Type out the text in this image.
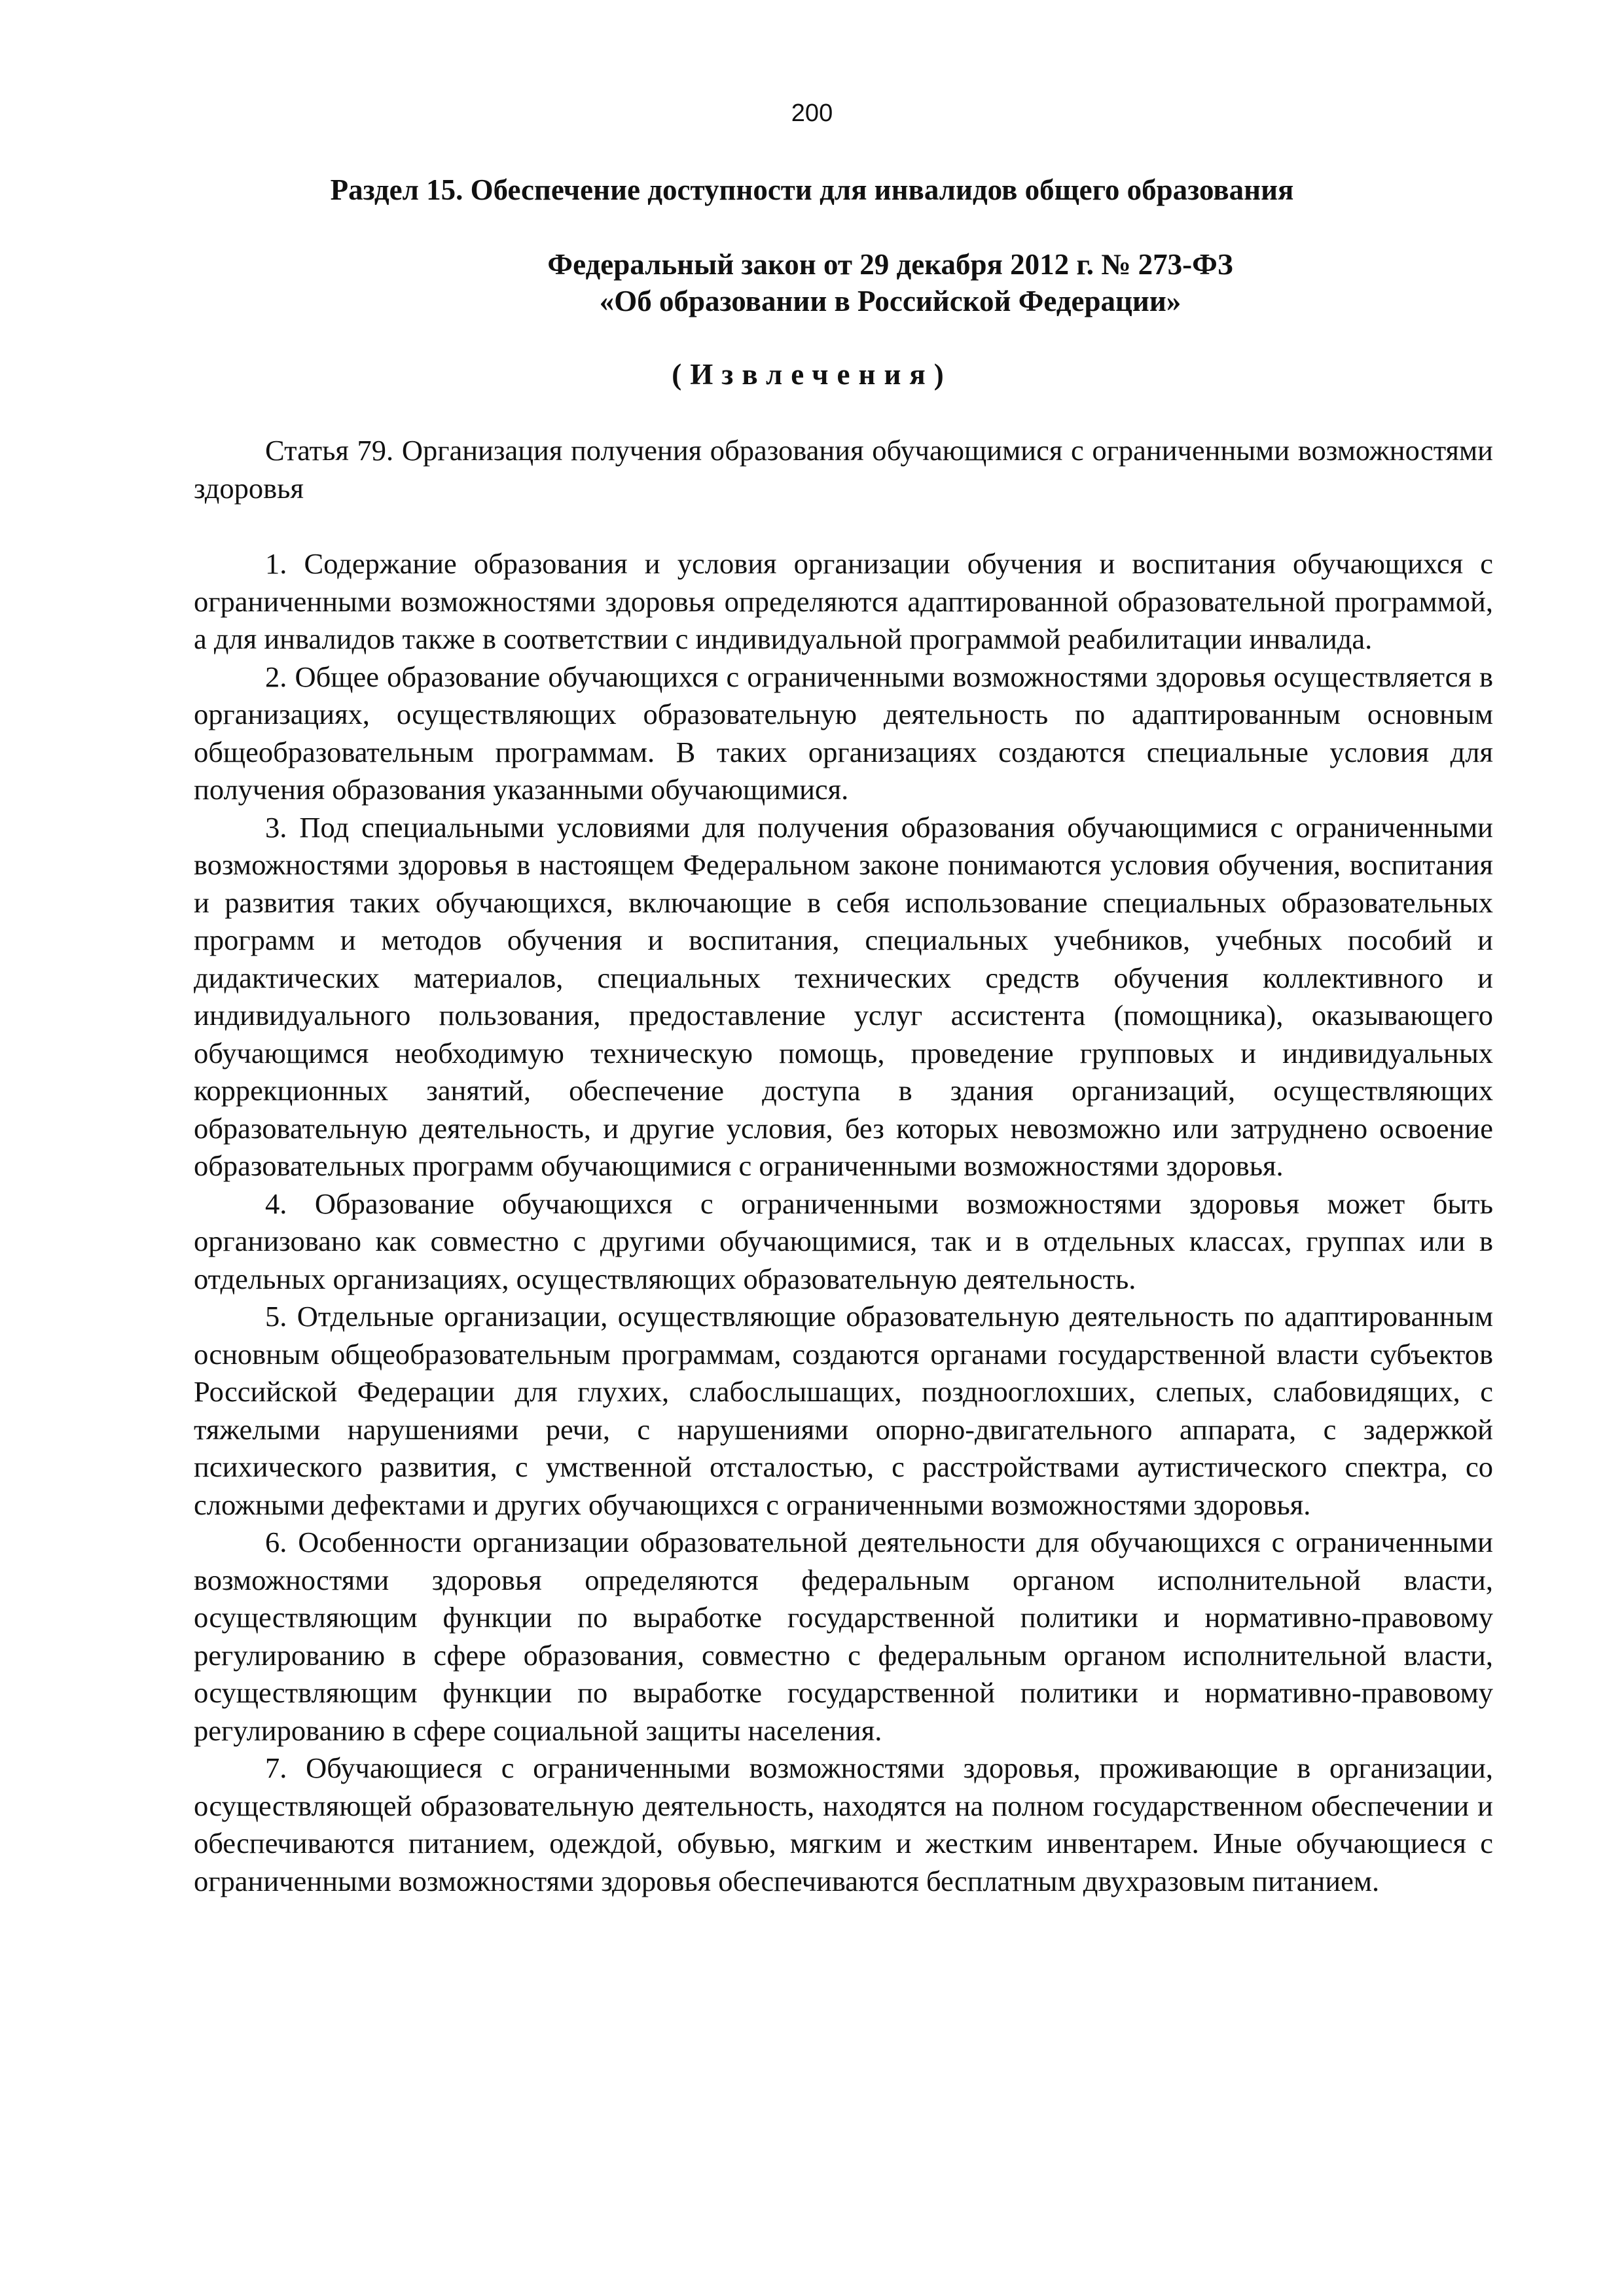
200
Раздел 15. Обеспечение доступности для инвалидов общего образования
Федеральный закон от 29 декабря 2012 г. № 273-ФЗ
«Об образовании в Российской Федерации»
(Извлечения)

Статья 79. Организация получения образования обучающимися с ограниченными возможностями здоровья

1. Содержание образования и условия организации обучения и воспитания обучающихся с ограниченными возможностями здоровья определяются адаптированной образовательной программой, а для инвалидов также в соответствии с индивидуальной программой реабилитации инвалида.

2. Общее образование обучающихся с ограниченными возможностями здоровья осуществляется в организациях, осуществляющих образовательную деятельность по адаптированным основным общеобразовательным программам. В таких организациях создаются специальные условия для получения образования указанными обучающимися.

3. Под специальными условиями для получения образования обучающимися с ограниченными возможностями здоровья в настоящем Федеральном законе понимаются условия обучения, воспитания и развития таких обучающихся, включающие в себя использование специальных образовательных программ и методов обучения и воспитания, специальных учебников, учебных пособий и дидактических материалов, специальных технических средств обучения коллективного и индивидуального пользования, предоставление услуг ассистента (помощника), оказывающего обучающимся необходимую техническую помощь, проведение групповых и индивидуальных коррекционных занятий, обеспечение доступа в здания организаций, осуществляющих образовательную деятельность, и другие условия, без которых невозможно или затруднено освоение образовательных программ обучающимися с ограниченными возможностями здоровья.

4. Образование обучающихся с ограниченными возможностями здоровья может быть организовано как совместно с другими обучающимися, так и в отдельных классах, группах или в отдельных организациях, осуществляющих образовательную деятельность.

5. Отдельные организации, осуществляющие образовательную деятельность по адаптированным основным общеобразовательным программам, создаются органами государственной власти субъектов Российской Федерации для глухих, слабослышащих, позднооглохших, слепых, слабовидящих, с тяжелыми нарушениями речи, с нарушениями опорно-двигательного аппарата, с задержкой психического развития, с умственной отсталостью, с расстройствами аутистического спектра, со сложными дефектами и других обучающихся с ограниченными возможностями здоровья.

6. Особенности организации образовательной деятельности для обучающихся с ограниченными возможностями здоровья определяются федеральным органом исполнительной власти, осуществляющим функции по выработке государственной политики и нормативно-правовому регулированию в сфере образования, совместно с федеральным органом исполнительной власти, осуществляющим функции по выработке государственной политики и нормативно-правовому регулированию в сфере социальной защиты населения.

7. Обучающиеся с ограниченными возможностями здоровья, проживающие в организации, осуществляющей образовательную деятельность, находятся на полном государственном обеспечении и обеспечиваются питанием, одеждой, обувью, мягким и жестким инвентарем. Иные обучающиеся с ограниченными возможностями здоровья обеспечиваются бесплатным двухразовым питанием.
